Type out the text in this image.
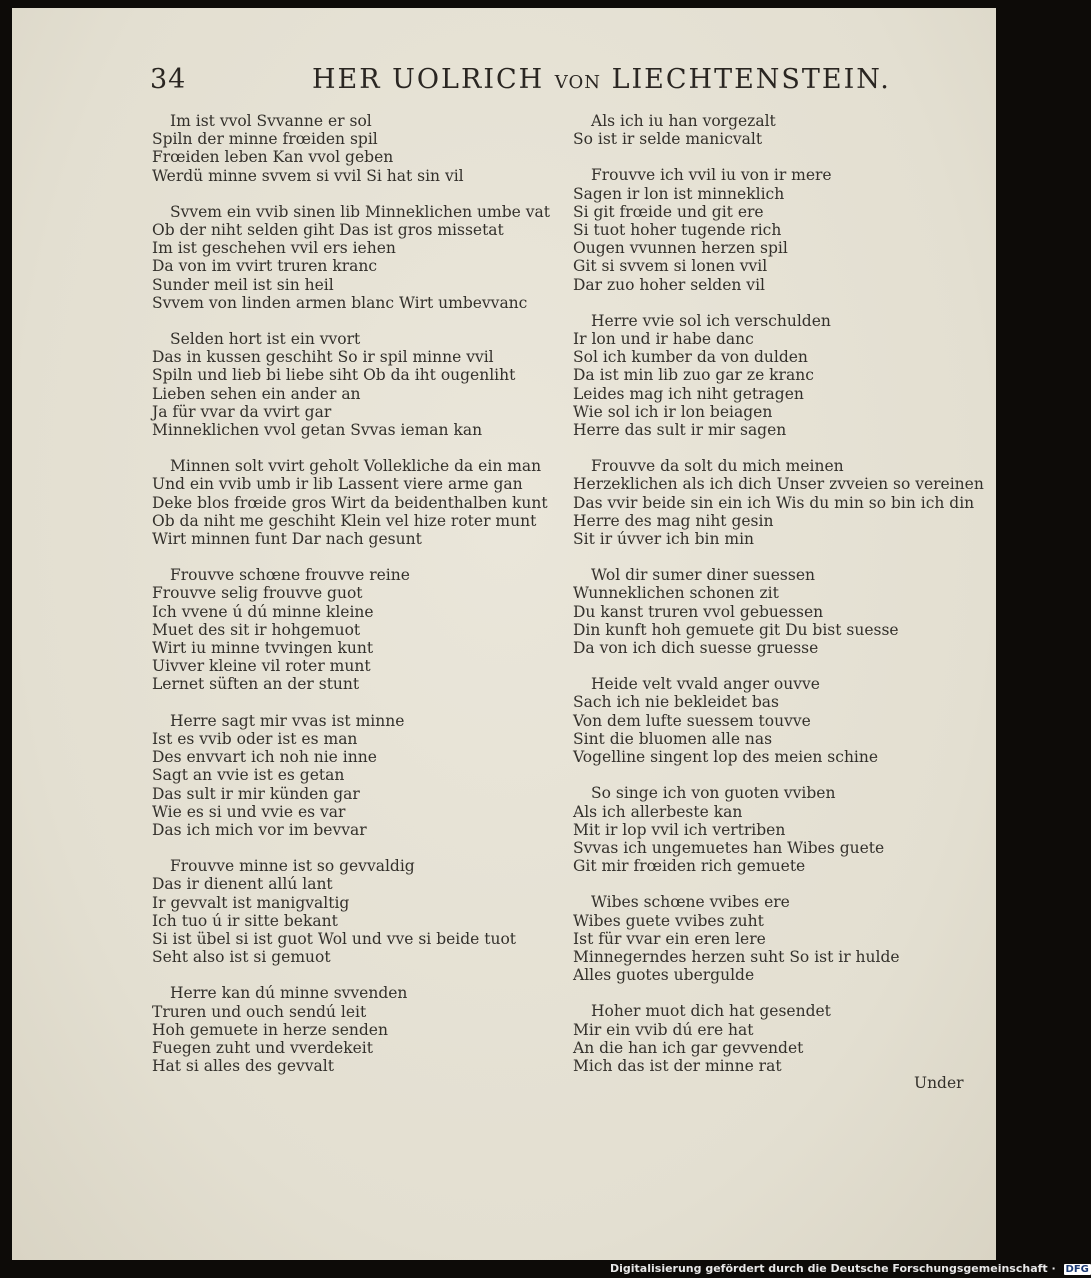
34	HER UOLRICH VON LIECHTENSTEIN.
Im ist vvol Svvanne er sol
Spiln der minne frœiden spil
Frœiden leben Kan vvol geben
Werdü minne svvem si vvil Si hat sin vil
Svvem ein vvib sinen lib Minneklichen umbe vat
Ob der niht selden giht Das ist gros missetat
Im ist geschehen vvil ers iehen
Da von im vvirt truren kranc
Sunder meil ist sin heil
Svvem von linden armen blanc Wirt umbevvanc
Selden hort ist ein vvort
Das in kussen geschiht So ir spil minne vvil
Spiln und lieb bi liebe siht Ob da iht ougenliht
Lieben sehen ein ander an
Ja für vvar da vvirt gar
Minneklichen vvol getan Svvas ieman kan
Minnen solt vvirt geholt Vollekliche da ein man
Und ein vvib umb ir lib Lassent viere arme gan
Deke blos frœide gros Wirt da beidenthalben kunt
Ob da niht me geschiht Klein vel hize roter munt
Wirt minnen funt Dar nach gesunt
Frouvve schœne frouvve reine
Frouvve selig frouvve guot
Ich vvene ú dú minne kleine
Muet des sit ir hohgemuot
Wirt iu minne tvvingen kunt
Uivver kleine vil roter munt
Lernet süften an der stunt
Herre sagt mir vvas ist minne
Ist es vvib oder ist es man
Des envvart ich noh nie inne
Sagt an vvie ist es getan
Das sult ir mir künden gar
Wie es si und vvie es var
Das ich mich vor im bevvar
Frouvve minne ist so gevvaldig
Das ir dienent allú lant
Ir gevvalt ist manigvaltig
Ich tuo ú ir sitte bekant
Si ist übel si ist guot Wol und vve si beide tuot
Seht also ist si gemuot
Herre kan dú minne svvenden
Truren und ouch sendú leit
Hoh gemuete in herze senden
Fuegen zuht und vverdekeit
Hat si alles des gevvalt
Als ich iu han vorgezalt
So ist ir selde manicvalt
Frouvve ich vvil iu von ir mere
Sagen ir lon ist minneklich
Si git frœide und git ere
Si tuot hoher tugende rich
Ougen vvunnen herzen spil
Git si svvem si lonen vvil
Dar zuo hoher selden vil
Herre vvie sol ich verschulden
Ir lon und ir habe danc
Sol ich kumber da von dulden
Da ist min lib zuo gar ze kranc
Leides mag ich niht getragen
Wie sol ich ir lon beiagen
Herre das sult ir mir sagen
Frouvve da solt du mich meinen
Herzeklichen als ich dich Unser zvveien so vereinen
Das vvir beide sin ein ich Wis du min so bin ich din
Herre des mag niht gesin
Sit ir úvver ich bin min
Wol dir sumer diner suessen
Wunneklichen schonen zit
Du kanst truren vvol gebuessen
Din kunft hoh gemuete git Du bist suesse
Da von ich dich suesse gruesse
Heide velt vvald anger ouvve
Sach ich nie bekleidet bas
Von dem lufte suessem touvve
Sint die bluomen alle nas
Vogelline singent lop des meien schine
So singe ich von guoten vviben
Als ich allerbeste kan
Mit ir lop vvil ich vertriben
Svvas ich ungemuetes han Wibes guete
Git mir frœiden rich gemuete
Wibes schœne vvibes ere
Wibes guete vvibes zuht
Ist für vvar ein eren lere
Minnegerndes herzen suht So ist ir hulde
Alles guotes ubergulde
Hoher muot dich hat gesendet
Mir ein vvib dú ere hat
An die han ich gar gevvendet
Mich das ist der minne rat
Under
Digitalisierung gefördert durch die Deutsche Forschungsgemeinschaft · DFG
